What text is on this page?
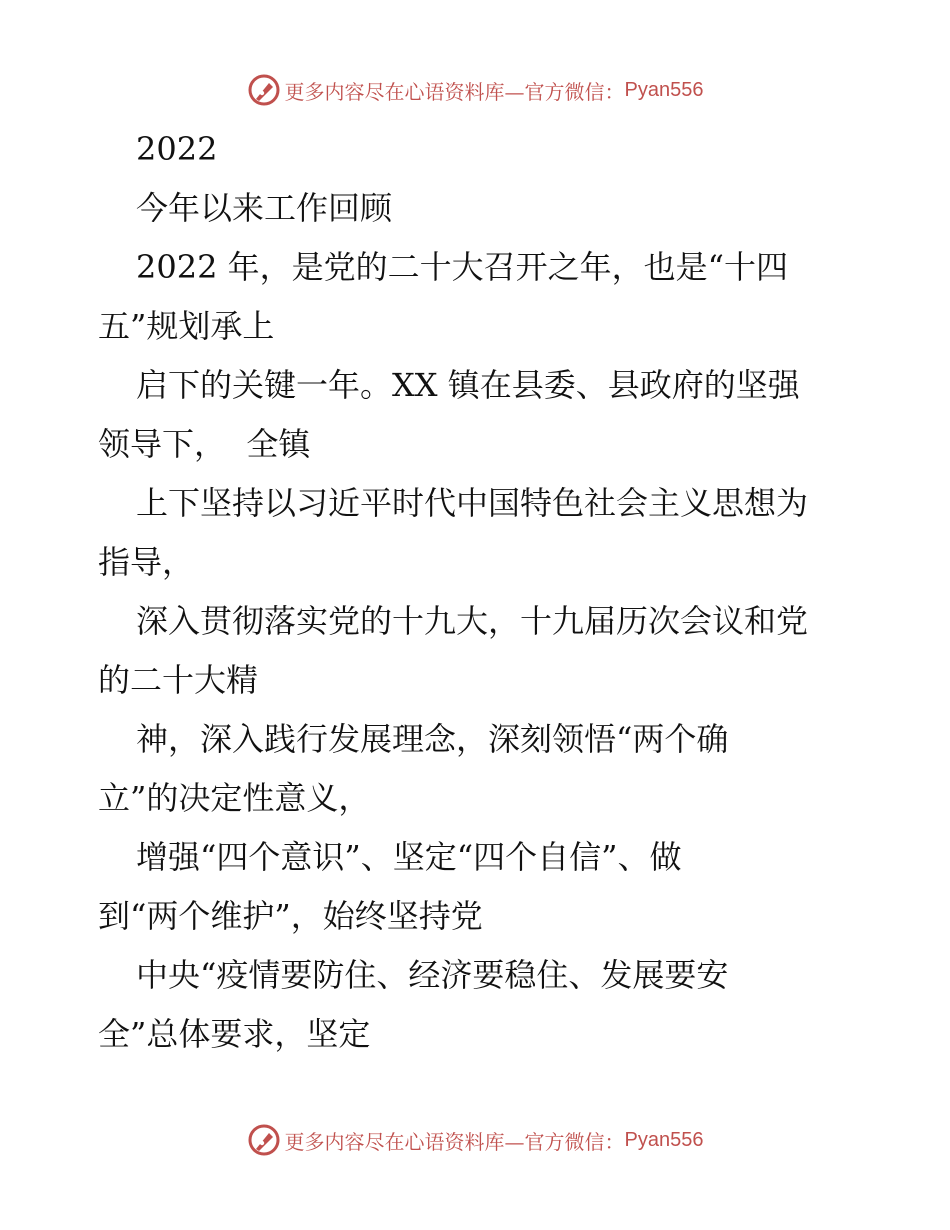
更多内容尽在心语资料库—官方微信： Pyan556
2022
今年以来工作回顾
2022 年，是党的二十大召开之年，也是“十四
五”规划承上
启下的关键一年。XX 镇在县委、县政府的坚强
领导下，  全镇
上下坚持以习近平时代中国特色社会主义思想为
指导，
深入贯彻落实党的十九大，十九届历次会议和党
的二十大精
神，深入践行发展理念，深刻领悟“两个确
立”的决定性意义，
增强“四个意识”、坚定“四个自信”、做
到“两个维护”，始终坚持党
中央“疫情要防住、经济要稳住、发展要安
全”总体要求，坚定
更多内容尽在心语资料库—官方微信： Pyan556
